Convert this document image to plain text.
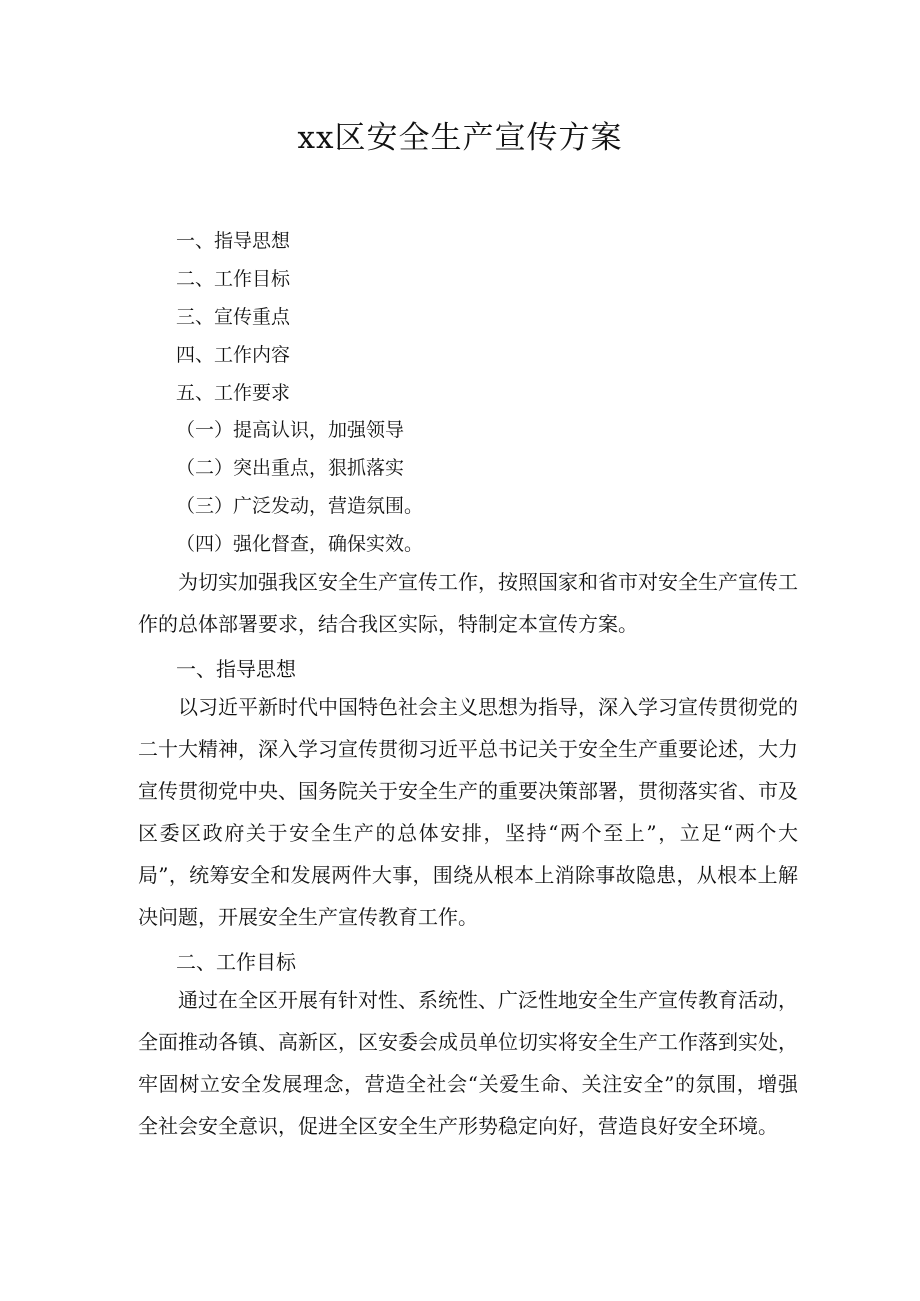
xx区安全生产宣传方案
一、指导思想
二、工作目标
三、宣传重点
四、工作内容
五、工作要求
（一）提高认识，加强领导
（二）突出重点，狠抓落实
（三）广泛发动，营造氛围。
（四）强化督查，确保实效。

为切实加强我区安全生产宣传工作，按照国家和省市对安全生产宣传工作的总体部署要求，结合我区实际，特制定本宣传方案。

一、指导思想

以习近平新时代中国特色社会主义思想为指导，深入学习宣传贯彻党的二十大精神，深入学习宣传贯彻习近平总书记关于安全生产重要论述，大力宣传贯彻党中央、国务院关于安全生产的重要决策部署，贯彻落实省、市及区委区政府关于安全生产的总体安排，坚持“两个至上”，立足“两个大局”，统筹安全和发展两件大事，围绕从根本上消除事故隐患，从根本上解决问题，开展安全生产宣传教育工作。

二、工作目标

通过在全区开展有针对性、系统性、广泛性地安全生产宣传教育活动，全面推动各镇、高新区，区安委会成员单位切实将安全生产工作落到实处，牢固树立安全发展理念，营造全社会“关爱生命、关注安全”的氛围，增强全社会安全意识，促进全区安全生产形势稳定向好，营造良好安全环境。
